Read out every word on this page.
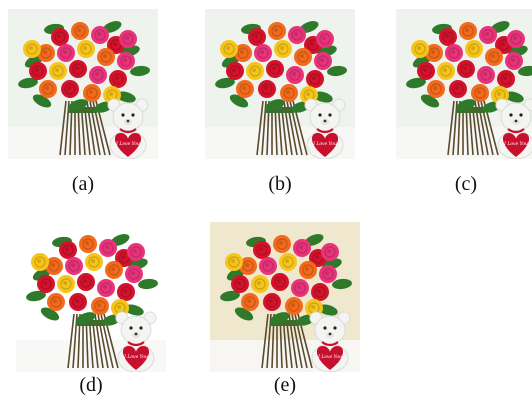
I Love You
(a)
I Love You
(b)
I Love You
(c)
I Love You
(d)
I Love You
(e)
